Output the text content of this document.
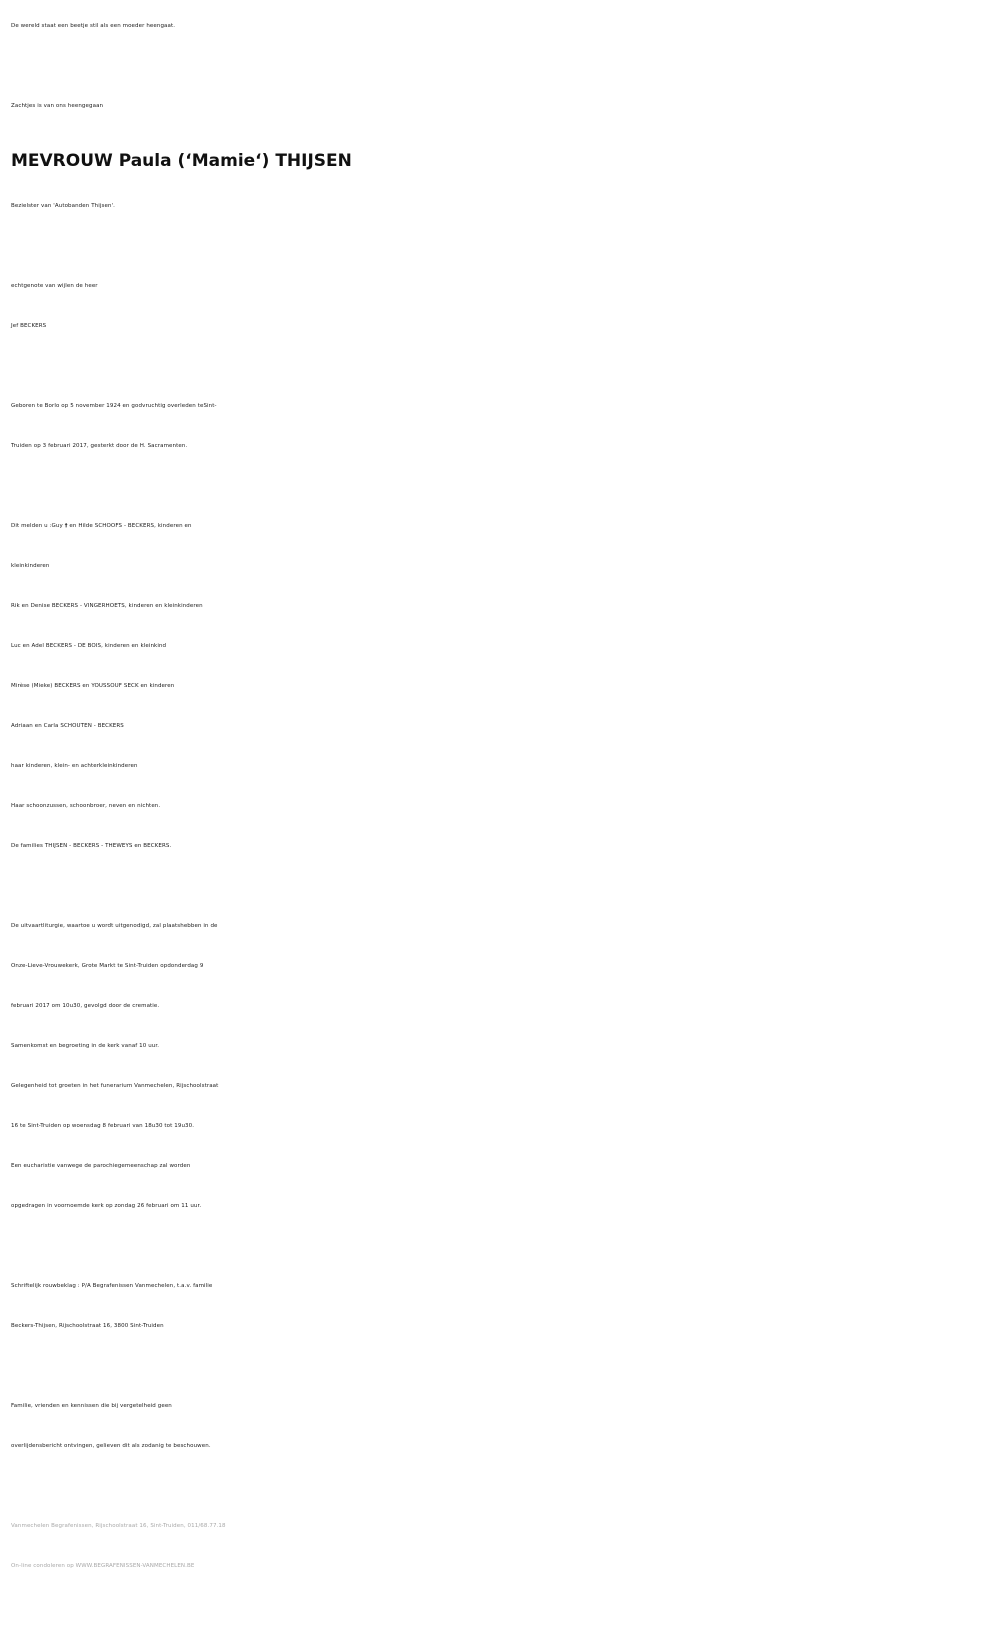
De wereld staat een beetje stil als een moeder heengaat.
Zachtjes is van ons heengegaan
MEVROUW Paula (‘Mamie‘) THIJSEN
Bezielster van 'Autobanden Thijsen'.
echtgenote van wijlen de heer
Jef BECKERS
Geboren te Borlo op 5 november 1924 en godvruchtig overleden teSint-
Truiden op 3 februari 2017, gesterkt door de H. Sacramenten.
Dit melden u :Guy † en Hilde SCHOOFS - BECKERS, kinderen en
kleinkinderen
Rik en Denise BECKERS - VINGERHOETS, kinderen en kleinkinderen
Luc en Adel BECKERS - DE BOIS, kinderen en kleinkind
Mirèse (Mieke) BECKERS en YOUSSOUF SECK en kinderen
Adriaan en Carla SCHOUTEN - BECKERS
haar kinderen, klein- en achterkleinkinderen
Haar schoonzussen, schoonbroer, neven en nichten.
De families THIJSEN - BECKERS - THEWEYS en BECKERS.
De uitvaartliturgie, waartoe u wordt uitgenodigd, zal plaatshebben in de
Onze-Lieve-Vrouwekerk, Grote Markt te Sint-Truiden opdonderdag 9
februari 2017 om 10u30, gevolgd door de crematie.
Samenkomst en begroeting in de kerk vanaf 10 uur.
Gelegenheid tot groeten in het funerarium Vanmechelen, Rijschoolstraat
16 te Sint-Truiden op woensdag 8 februari van 18u30 tot 19u30.
Een eucharistie vanwege de parochiegemeenschap zal worden
opgedragen in voornoemde kerk op zondag 26 februari om 11 uur.
Schriftelijk rouwbeklag : P/A Begrafenissen Vanmechelen, t.a.v. familie
Beckers-Thijsen, Rijschoolstraat 16, 3800 Sint-Truiden
Familie, vrienden en kennissen die bij vergetelheid geen
overlijdensbericht ontvingen, gelieven dit als zodanig te beschouwen.
Vanmechelen Begrafenissen, Rijschoolstraat 16, Sint-Truiden, 011/68.77.18
On-line condoleren op WWW.BEGRAFENISSEN-VANMECHELEN.BE
